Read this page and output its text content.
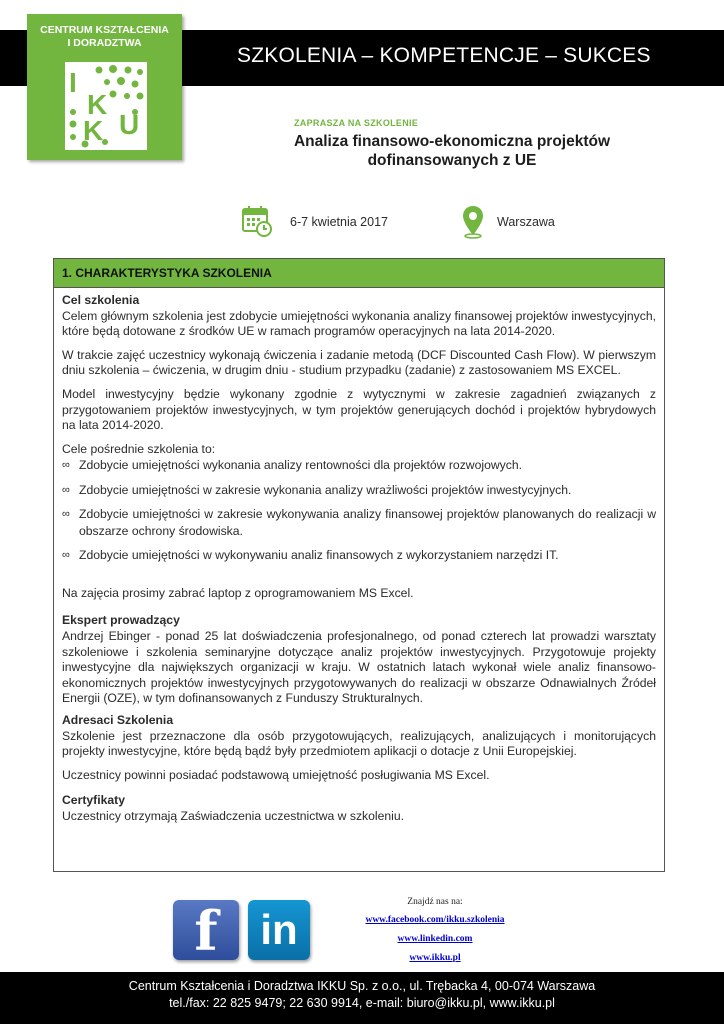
SZKOLENIA – KOMPETENCJE – SUKCES
CENTRUM KSZTAŁCENIA
I DORADZTWA
I
K
K U	ZAPRASZA NA SZKOLENIE
Analiza finansowo-ekonomiczna projektów
dofinansowanych z UE
6-7 kwietnia 2017	Warszawa
1. CHARAKTERYSTYKA SZKOLENIA
Cel szkolenia

Celem głównym szkolenia jest zdobycie umiejętności wykonania analizy finansowej projektów inwestycyjnych, które będą dotowane z środków UE w ramach programów operacyjnych na lata 2014-2020.

W trakcie zajęć uczestnicy wykonają ćwiczenia i zadanie metodą (DCF Discounted Cash Flow). W pierwszym dniu szkolenia – ćwiczenia, w drugim dniu - studium przypadku (zadanie) z zastosowaniem MS EXCEL.

Model inwestycyjny będzie wykonany zgodnie z wytycznymi w zakresie zagadnień związanych z przygotowaniem projektów inwestycyjnych, w tym projektów generujących dochód i projektów hybrydowych na lata 2014-2020.

Cele pośrednie szkolenia to:

∞ Zdobycie umiejętności wykonania analizy rentowności dla projektów rozwojowych.
∞ Zdobycie umiejętności w zakresie wykonania analizy wrażliwości projektów inwestycyjnych.
∞ Zdobycie umiejętności w zakresie wykonywania analizy finansowej projektów planowanych do realizacji w obszarze ochrony środowiska.
∞ Zdobycie umiejętności w wykonywaniu analiz finansowych z wykorzystaniem narzędzi IT.

Na zajęcia prosimy zabrać laptop z oprogramowaniem MS Excel.

Ekspert prowadzący

Andrzej Ebinger - ponad 25 lat doświadczenia profesjonalnego, od ponad czterech lat prowadzi warsztaty szkoleniowe i szkolenia seminaryjne dotyczące analiz projektów inwestycyjnych. Przygotowuje projekty inwestycyjne dla największych organizacji w kraju. W ostatnich latach wykonał wiele analiz finansowo-ekonomicznych projektów inwestycyjnych przygotowywanych do realizacji w obszarze Odnawialnych Źródeł Energii (OZE), w tym dofinansowanych z Funduszy Strukturalnych.

Adresaci Szkolenia

Szkolenie jest przeznaczone dla osób przygotowujących, realizujących, analizujących i monitorujących projekty inwestycyjne, które będą bądź były przedmiotem aplikacji o dotacje z Unii Europejskiej.

Uczestnicy powinni posiadać podstawową umiejętność posługiwania MS Excel.

Certyfikaty

Uczestnicy otrzymają Zaświadczenia uczestnictwa w szkoleniu.

f	in
Znajdź nas na:
www.facebook.com/ikku.szkolenia
www.linkedin.com
www.ikku.pl
Centrum Kształcenia i Doradztwa IKKU Sp. z o.o., ul. Trębacka 4, 00-074 Warszawa
tel./fax: 22 825 9479; 22 630 9914, e-mail: biuro@ikku.pl, www.ikku.pl
